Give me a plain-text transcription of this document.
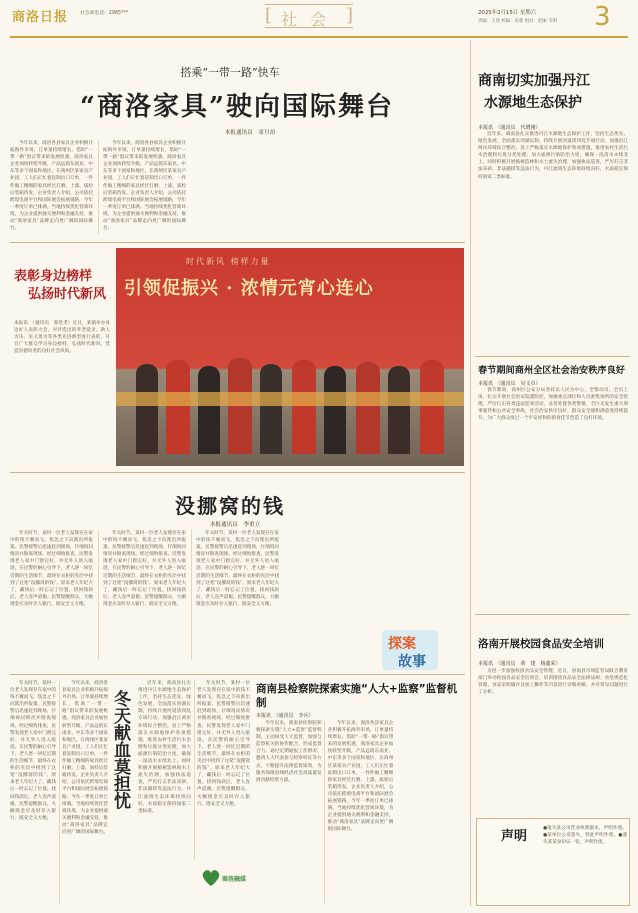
商洛日报 社会部电话：2985***	[ 社 会 ]	2025年2月15日 星期六
责编：王蓉 校编：高蓉 组对：赵丽 韦明 3
搭乘“一带一路”快车
“商洛家具”驶向国际舞台
本报通讯员　童旦昂
今年以来，商洛各县家具企业积极开拓海外市场，订单量持续增长。借助“一带一路”倡议带来的发展机遇，商洛家具企业加快转型升级，产品远销东南亚、中东等多个国家和地区。在商州区某家具产业园，工人们正忙着赶制出口订单，一件件做工精细的家具经过打磨、上漆、质检后装箱待发。企业负责人介绍，公司依托跨境电商平台和国际展会拓展销路，今年一季度订单已排满。当地持续优化营商环境，为企业提供通关便利和金融支持，推动“商洛家具”品牌走向更广阔的国际舞台。
今年以来，商洛各县家具企业积极开拓海外市场，订单量持续增长。借助“一带一路”倡议带来的发展机遇，商洛家具企业加快转型升级，产品远销东南亚、中东等多个国家和地区。在商州区某家具产业园，工人们正忙着赶制出口订单，一件件做工精细的家具经过打磨、上漆、质检后装箱待发。企业负责人介绍，公司依托跨境电商平台和国际展会拓展销路，今年一季度订单已排满。当地持续优化营商环境，为企业提供通关便利和金融支持，推动“商洛家具”品牌走向更广阔的国际舞台。
表彰身边榜样
弘扬时代新风
本报讯　（通讯员　蔡堂孝）近日，某镇举办身边好人表彰大会，对评选出的孝老爱亲、助人为乐、见义勇为等各类先进典型进行表彰，号召广大群众学习身边榜样，弘扬时代新风，营造崇德向善的良好社会风尚。
时代新风 榜样力量
引领促振兴 · 浓情元宵心连心
没挪窝的钱
本报通讯员　李重立
年关时节，某村一位老人发现存在家中的钱不翼而飞，焦急之下向派出所报案。民警接警后迅速赶到现场，仔细询问情况并勘查现场。经过细致排查，民警发现老人家中门窗完好，并无外人进入痕迹。在民警的耐心引导下，老人逐一回忆近期的生活细节，最终在衣柜的夹层中找到了这笔“没挪窝的钱”。原来老人年纪大了，藏钱后一时忘记了位置。找回钱款后，老人连声道谢。民警提醒群众，大额现金应及时存入银行，既安全又方便。
年关时节，某村一位老人发现存在家中的钱不翼而飞，焦急之下向派出所报案。民警接警后迅速赶到现场，仔细询问情况并勘查现场。经过细致排查，民警发现老人家中门窗完好，并无外人进入痕迹。在民警的耐心引导下，老人逐一回忆近期的生活细节，最终在衣柜的夹层中找到了这笔“没挪窝的钱”。原来老人年纪大了，藏钱后一时忘记了位置。找回钱款后，老人连声道谢。民警提醒群众，大额现金应及时存入银行，既安全又方便。
年关时节，某村一位老人发现存在家中的钱不翼而飞，焦急之下向派出所报案。民警接警后迅速赶到现场，仔细询问情况并勘查现场。经过细致排查，民警发现老人家中门窗完好，并无外人进入痕迹。在民警的耐心引导下，老人逐一回忆近期的生活细节，最终在衣柜的夹层中找到了这笔“没挪窝的钱”。原来老人年纪大了，藏钱后一时忘记了位置。找回钱款后，老人连声道谢。民警提醒群众，大额现金应及时存入银行，既安全又方便。
探案
故事
年关时节，某村一位老人发现存在家中的钱不翼而飞，焦急之下向派出所报案。民警接警后迅速赶到现场，仔细询问情况并勘查现场。经过细致排查，民警发现老人家中门窗完好，并无外人进入痕迹。在民警的耐心引导下，老人逐一回忆近期的生活细节，最终在衣柜的夹层中找到了这笔“没挪窝的钱”。原来老人年纪大了，藏钱后一时忘记了位置。找回钱款后，老人连声道谢。民警提醒群众，大额现金应及时存入银行，既安全又方便。
今年以来，商洛各县家具企业积极开拓海外市场，订单量持续增长。借助“一带一路”倡议带来的发展机遇，商洛家具企业加快转型升级，产品远销东南亚、中东等多个国家和地区。在商州区某家具产业园，工人们正忙着赶制出口订单，一件件做工精细的家具经过打磨、上漆、质检后装箱待发。企业负责人介绍，公司依托跨境电商平台和国际展会拓展销路，今年一季度订单已排满。当地持续优化营商环境，为企业提供通关便利和金融支持，推动“商洛家具”品牌走向更广阔的国际舞台。
冬天献血莫担忧
近年来，商南县扎实推进丹江水源地生态保护工作，坚持生态优先、绿色发展，全面落实河湖长制，持续开展河道清四乱专项行动，加强沿江两岸环境综合整治。县上严格落实水源地保护各项措施，推进农村生活污水治理和垃圾分类处理，加大面源污染防治力度，确保一泓清水永续北上。同时积极开展植树造林和水土流失治理，加强执法巡查，严厉打击非法采砂、非法捕捞等违法行为，丹江流域生态环境持续向好，水质稳定保持国家二类标准。
年关时节，某村一位老人发现存在家中的钱不翼而飞，焦急之下向派出所报案。民警接警后迅速赶到现场，仔细询问情况并勘查现场。经过细致排查，民警发现老人家中门窗完好，并无外人进入痕迹。在民警的耐心引导下，老人逐一回忆近期的生活细节，最终在衣柜的夹层中找到了这笔“没挪窝的钱”。原来老人年纪大了，藏钱后一时忘记了位置。找回钱款后，老人连声道谢。民警提醒群众，大额现金应及时存入银行，既安全又方便。
商洛融媒
商南县检察院探索实施“人大+监察”监督机制
本报讯　（通讯员　李兵）
今年以来，商南县检察院积极探索实施“人大+监察”监督机制，主动接受人大监督，加强与监察机关的协作配合，形成监督合力。通过定期通报工作情况、邀请人大代表参与检察听证等方式，不断提升法律监督质效，为服务保障县域经济社会高质量发展贡献检察力量。
今年以来，商洛各县家具企业积极开拓海外市场，订单量持续增长。借助“一带一路”倡议带来的发展机遇，商洛家具企业加快转型升级，产品远销东南亚、中东等多个国家和地区。在商州区某家具产业园，工人们正忙着赶制出口订单，一件件做工精细的家具经过打磨、上漆、质检后装箱待发。企业负责人介绍，公司依托跨境电商平台和国际展会拓展销路，今年一季度订单已排满。当地持续优化营商环境，为企业提供通关便利和金融支持，推动“商洛家具”品牌走向更广阔的国际舞台。
商南切实加强丹江
水源地生态保护
本报讯　（通讯员　代增刚）
近年来，商南县扎实推进丹江水源地生态保护工作，坚持生态优先、绿色发展，全面落实河湖长制，持续开展河道清四乱专项行动，加强沿江两岸环境综合整治。县上严格落实水源地保护各项措施，推进农村生活污水治理和垃圾分类处理，加大面源污染防治力度，确保一泓清水永续北上。同时积极开展植树造林和水土流失治理，加强执法巡查，严厉打击非法采砂、非法捕捞等违法行为，丹江流域生态环境持续向好，水质稳定保持国家二类标准。
春节期间商州全区社会治安秩序良好
本报讯　（通讯员　吴文卓）
春节期间，商州区公安分局坚持以人民为中心，全警动员、全员上岗，扎实开展社会治安巡逻防控，加强重点部位和人员密集场所的安全管理，严厉打击各类违法犯罪活动，妥善处置各类警情，全区未发生重大刑事案件和公共安全事故，社会治安秩序良好，群众安全感和满意度持续提升，为广大群众度过一个平安祥和的新春佳节营造了良好环境。
洛南开展校园食品安全培训
本报讯　（通讯员　黄　建　杨鑫荣）
为进一步加强校园食品安全管理，近日，洛南县市场监管局联合教育部门举办校园食品安全培训会。培训围绕食品安全法律法规、食堂规范化管理、食品采购储存及加工操作等内容进行详细讲解，并对常见问题进行了分析。
声明
●遗失某公司营业执照副本，声明作废。●某单位公章遗失，特此声明作废。●遗失某某身份证一张，声明作废。
